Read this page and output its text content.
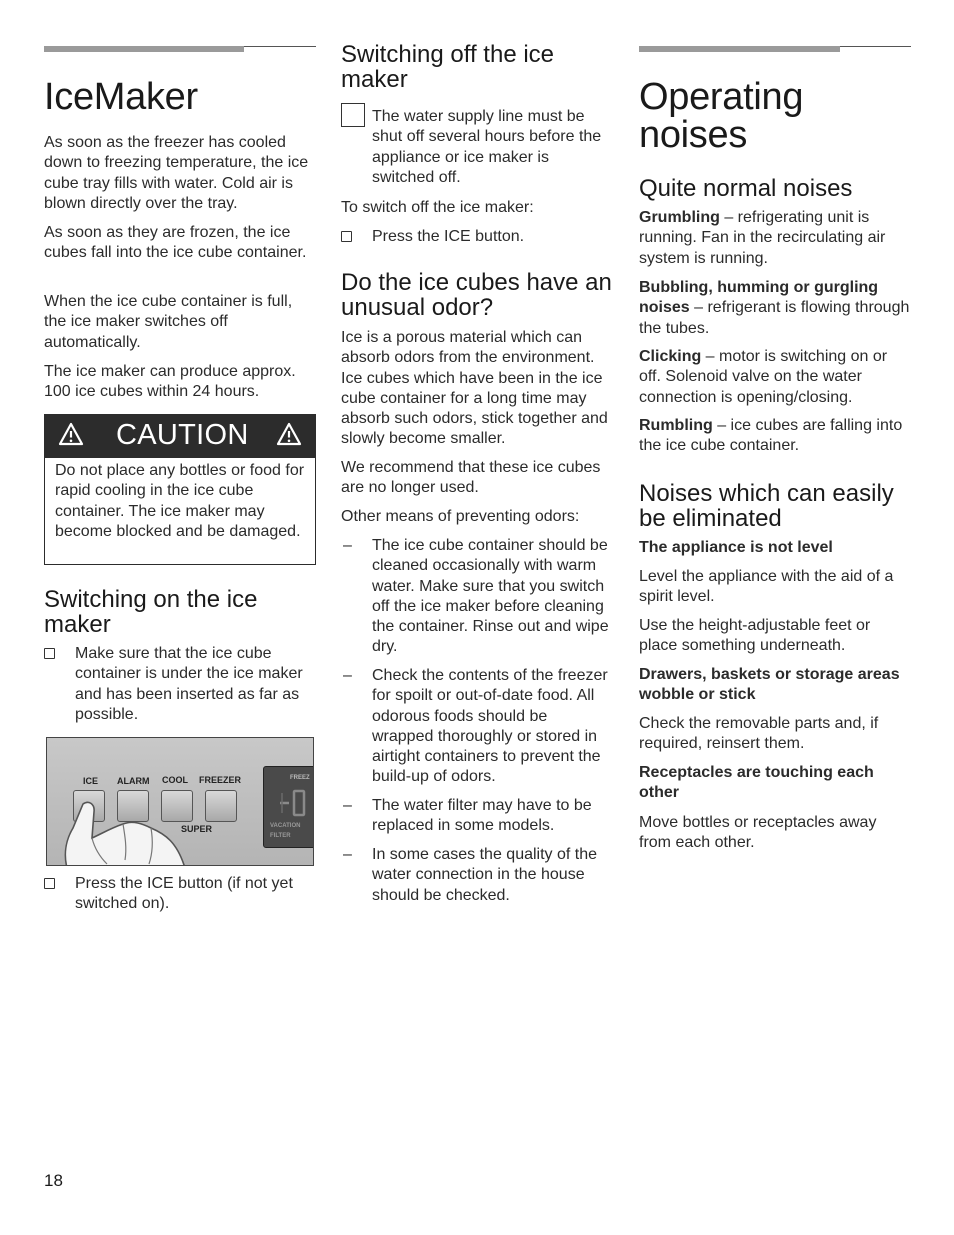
IceMaker

As soon as the freezer has cooled down to freezing temperature, the ice cube tray fills with water. Cold air is blown directly over the tray.

As soon as they are frozen, the ice cubes fall into the ice cube container.

When the ice cube container is full, the ice maker switches off automatically.

The ice maker can produce approx. 100 ice cubes within 24 hours.

CAUTION

Do not place any bottles or food for rapid cooling in the ice cube container. The ice maker may become blocked and be damaged.

Switching on the ice maker
Make sure that the ice cube container is under the ice maker and has been inserted as far as possible.
ICE ALARM COOL FREEZER
SUPER
FREEZ
VACATION
FILTER
Press the ICE button (if not yet switched on).
Switching off the ice maker

The water supply line must be shut off several hours before the appliance or ice maker is switched off.

To switch off the ice maker:

Press the ICE button.
Do the ice cubes have an unusual odor?

Ice is a porous material which can absorb odors from the environment. Ice cubes which have been in the ice cube container for a long time may absorb such odors, stick together and slowly become smaller.

We recommend that these ice cubes are no longer used.

Other means of preventing odors:

– The ice cube container should be cleaned occasionally with warm water. Make sure that you switch off the ice maker before cleaning the container. Rinse out and wipe dry.
– Check the contents of the freezer for spoilt or out-of-date food. All odorous foods should be wrapped thoroughly or stored in airtight containers to prevent the build-up of odors.
– The water filter may have to be replaced in some models.
– In some cases the quality of the water connection in the house should be checked.
Operating
noises
Quite normal noises

Grumbling – refrigerating unit is running. Fan in the recirculating air system is running.

Bubbling, humming or gurgling noises – refrigerant is flowing through the tubes.

Clicking – motor is switching on or off. Solenoid valve on the water connection is opening/closing.

Rumbling – ice cubes are falling into the ice cube container.

Noises which can easily be eliminated

The appliance is not level

Level the appliance with the aid of a spirit level.

Use the height-adjustable feet or place something underneath.

Drawers, baskets or storage areas wobble or stick

Check the removable parts and, if required, reinsert them.

Receptacles are touching each other

Move bottles or receptacles away from each other.

18
